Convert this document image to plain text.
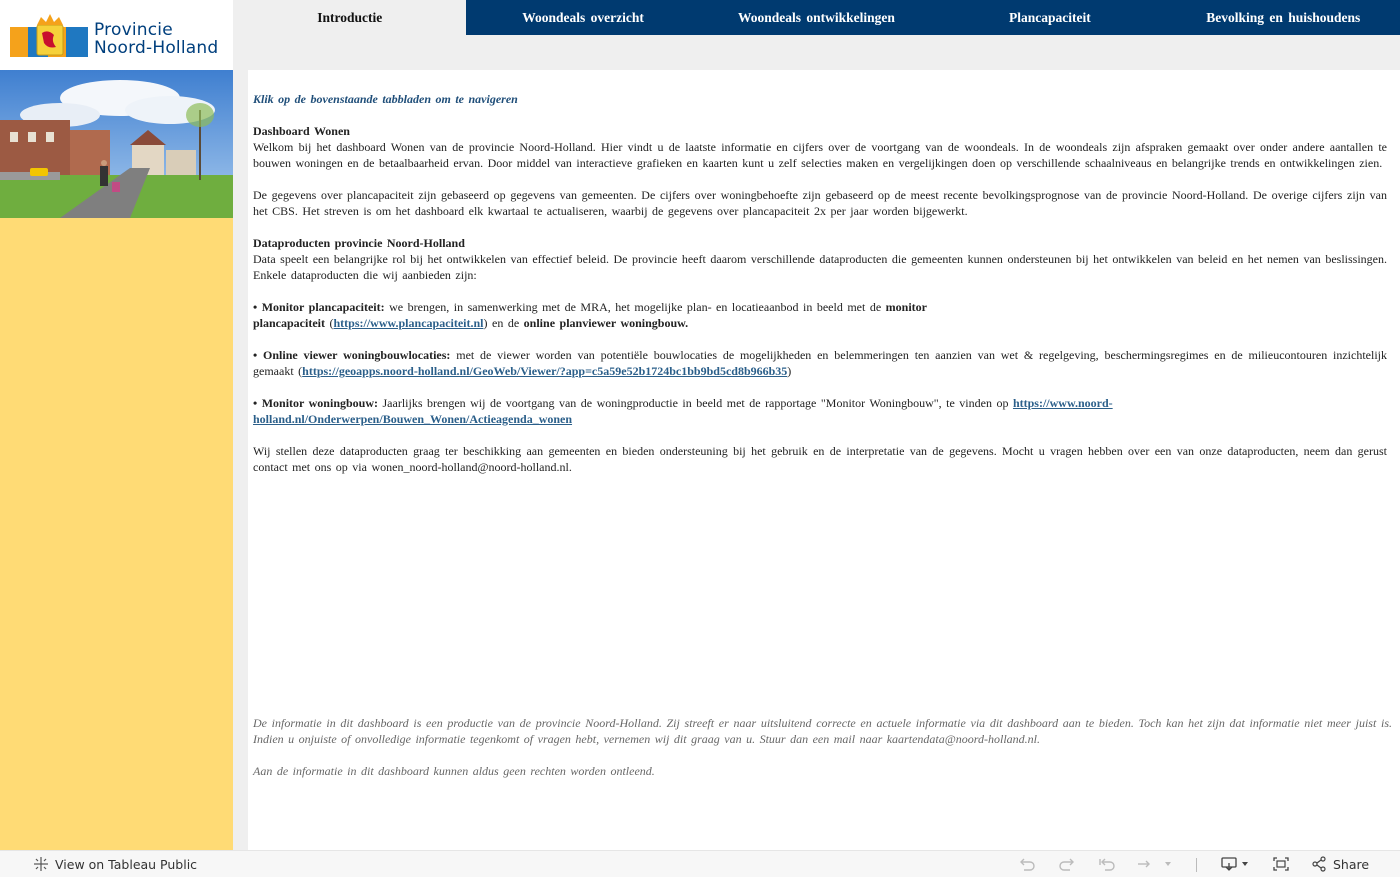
Provincie
Noord-Holland
Introductie	Woondeals overzicht	Woondeals ontwikkelingen	Plancapaciteit	Bevolking en huishoudens

Klik op de bovenstaande tabbladen om te navigeren

Dashboard Wonen

Welkom bij het dashboard Wonen van de provincie Noord-Holland. Hier vindt u de laatste informatie en cijfers over de voortgang van de woondeals. In de woondeals zijn afspraken gemaakt over onder andere aantallen te bouwen woningen en de betaalbaarheid ervan. Door middel van interactieve grafieken en kaarten kunt u zelf selecties maken en vergelijkingen doen op verschillende schaalniveaus en belangrijke trends en ontwikkelingen zien.

De gegevens over plancapaciteit zijn gebaseerd op gegevens van gemeenten. De cijfers over woningbehoefte zijn gebaseerd op de meest recente bevolkingsprognose van de provincie Noord-Holland. De overige cijfers zijn van het CBS. Het streven is om het dashboard elk kwartaal te actualiseren, waarbij de gegevens over plancapaciteit 2x per jaar worden bijgewerkt.

Dataproducten provincie Noord-Holland

Data speelt een belangrijke rol bij het ontwikkelen van effectief beleid. De provincie heeft daarom verschillende dataproducten die gemeenten kunnen ondersteunen bij het ontwikkelen van beleid en het nemen van beslissingen. Enkele dataproducten die wij aanbieden zijn:

• Monitor plancapaciteit: we brengen, in samenwerking met de MRA, het mogelijke plan- en locatieaanbod in beeld met de monitor plancapaciteit (https://www.plancapaciteit.nl) en de online planviewer woningbouw.

• Online viewer woningbouwlocaties: met de viewer worden van potentiële bouwlocaties de mogelijkheden en belemmeringen ten aanzien van wet & regelgeving, beschermingsregimes en de milieucontouren inzichtelijk gemaakt (https://geoapps.noord-holland.nl/GeoWeb/Viewer/?app=c5a59e52b1724bc1bb9bd5cd8b966b35)

• Monitor woningbouw: Jaarlijks brengen wij de voortgang van de woningproductie in beeld met de rapportage "Monitor Woningbouw", te vinden op https://www.noord-
holland.nl/Onderwerpen/Bouwen_Wonen/Actieagenda_wonen

Wij stellen deze dataproducten graag ter beschikking aan gemeenten en bieden ondersteuning bij het gebruik en de interpretatie van de gegevens. Mocht u vragen hebben over een van onze dataproducten, neem dan gerust contact met ons op via wonen_noord-holland@noord-holland.nl.

De informatie in dit dashboard is een productie van de provincie Noord-Holland. Zij streeft er naar uitsluitend correcte en actuele informatie via dit dashboard aan te bieden. Toch kan het zijn dat informatie niet meer juist is. Indien u onjuiste of onvolledige informatie tegenkomt of vragen hebt, vernemen wij dit graag van u. Stuur dan een mail naar kaartendata@noord-holland.nl.

Aan de informatie in dit dashboard kunnen aldus geen rechten worden ontleend.

View on Tableau Public	Share
